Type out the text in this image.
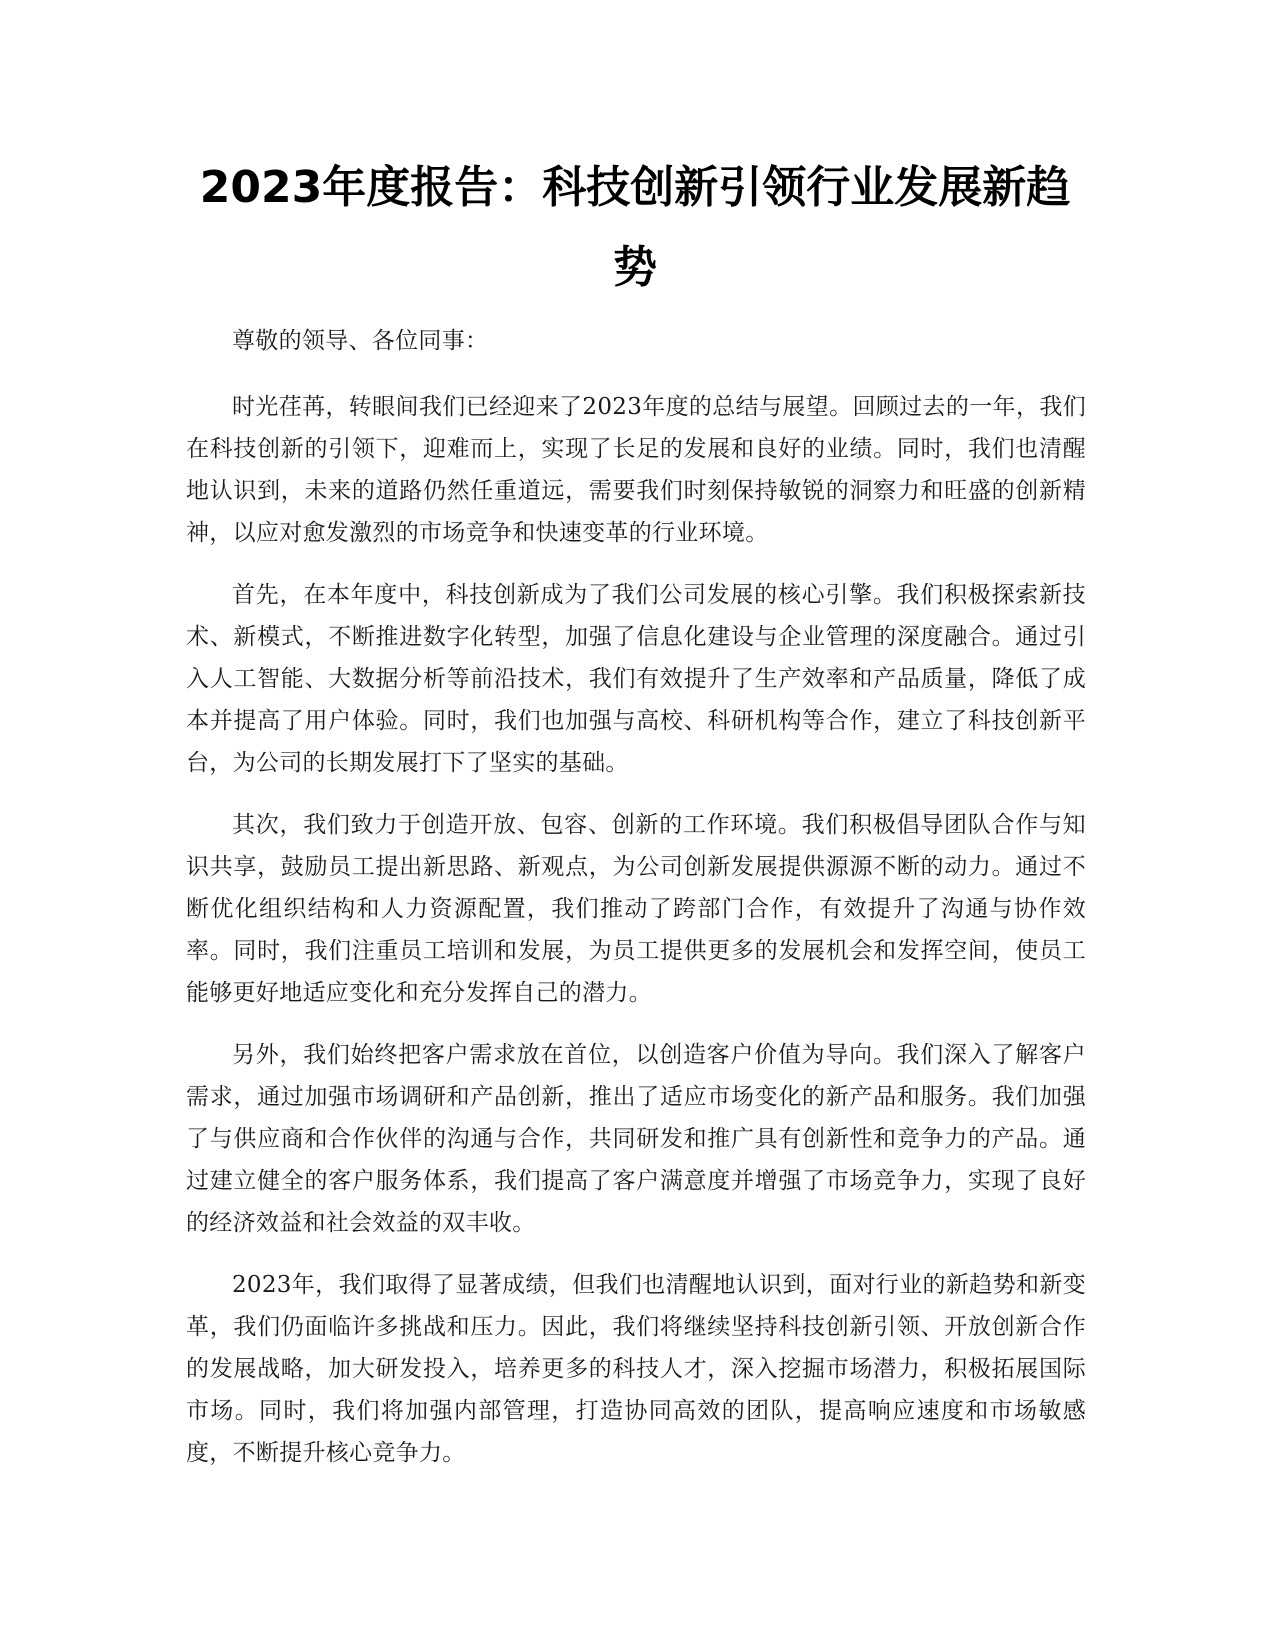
2023年度报告：科技创新引领行业发展新趋势

尊敬的领导、各位同事：

时光荏苒，转眼间我们已经迎来了2023年度的总结与展望。回顾过去的一年，我们在科技创新的引领下，迎难而上，实现了长足的发展和良好的业绩。同时，我们也清醒地认识到，未来的道路仍然任重道远，需要我们时刻保持敏锐的洞察力和旺盛的创新精神，以应对愈发激烈的市场竞争和快速变革的行业环境。

首先，在本年度中，科技创新成为了我们公司发展的核心引擎。我们积极探索新技术、新模式，不断推进数字化转型，加强了信息化建设与企业管理的深度融合。通过引入人工智能、大数据分析等前沿技术，我们有效提升了生产效率和产品质量，降低了成本并提高了用户体验。同时，我们也加强与高校、科研机构等合作，建立了科技创新平台，为公司的长期发展打下了坚实的基础。

其次，我们致力于创造开放、包容、创新的工作环境。我们积极倡导团队合作与知识共享，鼓励员工提出新思路、新观点，为公司创新发展提供源源不断的动力。通过不断优化组织结构和人力资源配置，我们推动了跨部门合作，有效提升了沟通与协作效率。同时，我们注重员工培训和发展，为员工提供更多的发展机会和发挥空间，使员工能够更好地适应变化和充分发挥自己的潜力。

另外，我们始终把客户需求放在首位，以创造客户价值为导向。我们深入了解客户需求，通过加强市场调研和产品创新，推出了适应市场变化的新产品和服务。我们加强了与供应商和合作伙伴的沟通与合作，共同研发和推广具有创新性和竞争力的产品。通过建立健全的客户服务体系，我们提高了客户满意度并增强了市场竞争力，实现了良好的经济效益和社会效益的双丰收。

2023年，我们取得了显著成绩，但我们也清醒地认识到，面对行业的新趋势和新变革，我们仍面临许多挑战和压力。因此，我们将继续坚持科技创新引领、开放创新合作的发展战略，加大研发投入，培养更多的科技人才，深入挖掘市场潜力，积极拓展国际市场。同时，我们将加强内部管理，打造协同高效的团队，提高响应速度和市场敏感度，不断提升核心竞争力。
